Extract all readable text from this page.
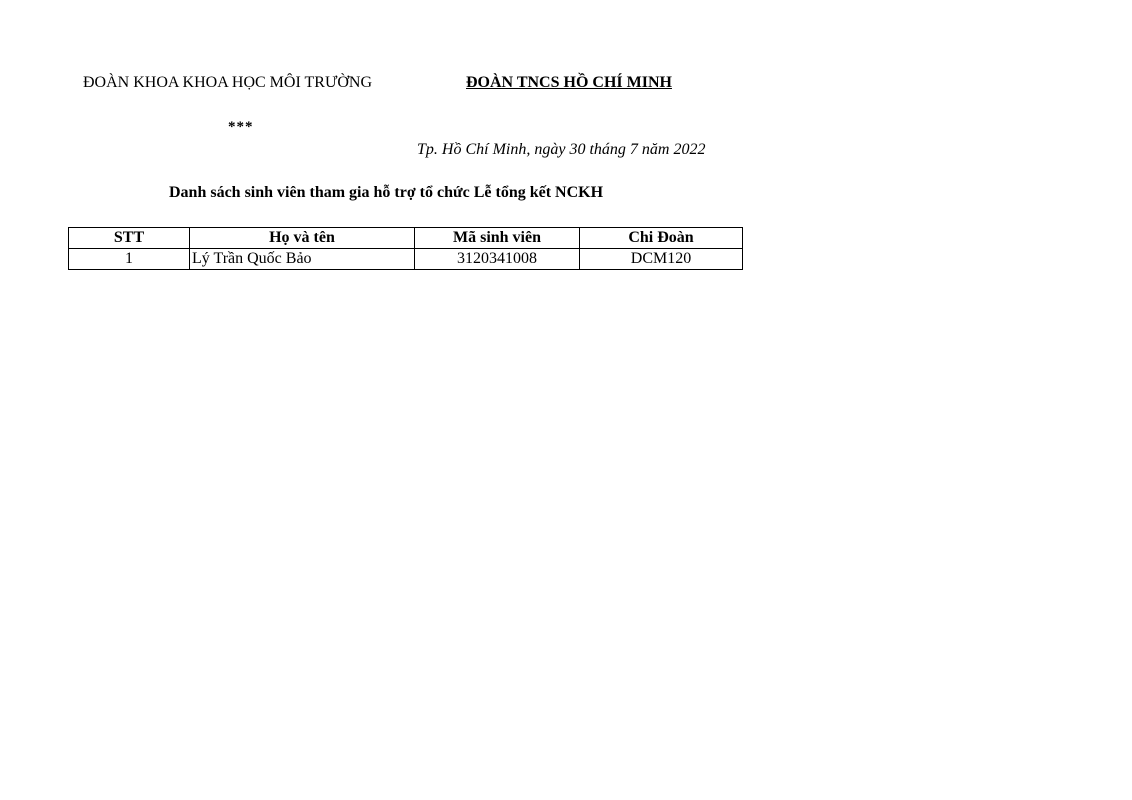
ĐOÀN KHOA KHOA HỌC MÔI TRƯỜNG	ĐOÀN TNCS HỒ CHÍ MINH
***
Tp. Hồ Chí Minh, ngày 30 tháng 7 năm 2022
Danh sách sinh viên tham gia hỗ trợ tổ chức Lễ tổng kết NCKH
STT	Họ và tên	Mã sinh viên	Chi Đoàn
1	Lý Trần Quốc Bảo	3120341008	DCM120
